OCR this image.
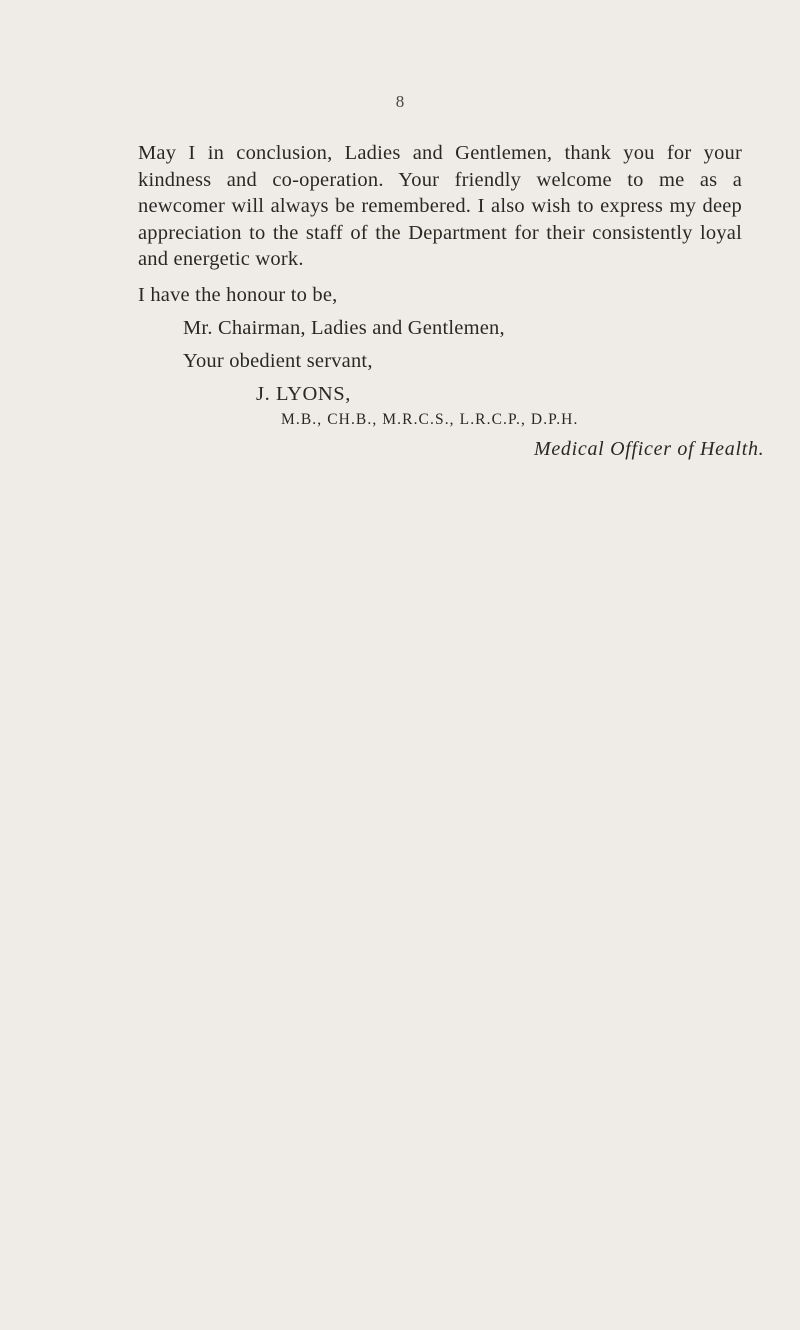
8

May I in conclusion, Ladies and Gentlemen, thank you for your kindness and co-operation. Your friendly welcome to me as a newcomer will always be remembered. I also wish to express my deep appreciation to the staff of the Department for their consistently loyal and energetic work.

I have the honour to be,
Mr. Chairman, Ladies and Gentlemen,
Your obedient servant,
J. LYONS,
M.B., CH.B., M.R.C.S., L.R.C.P., D.P.H.
Medical Officer of Health.
